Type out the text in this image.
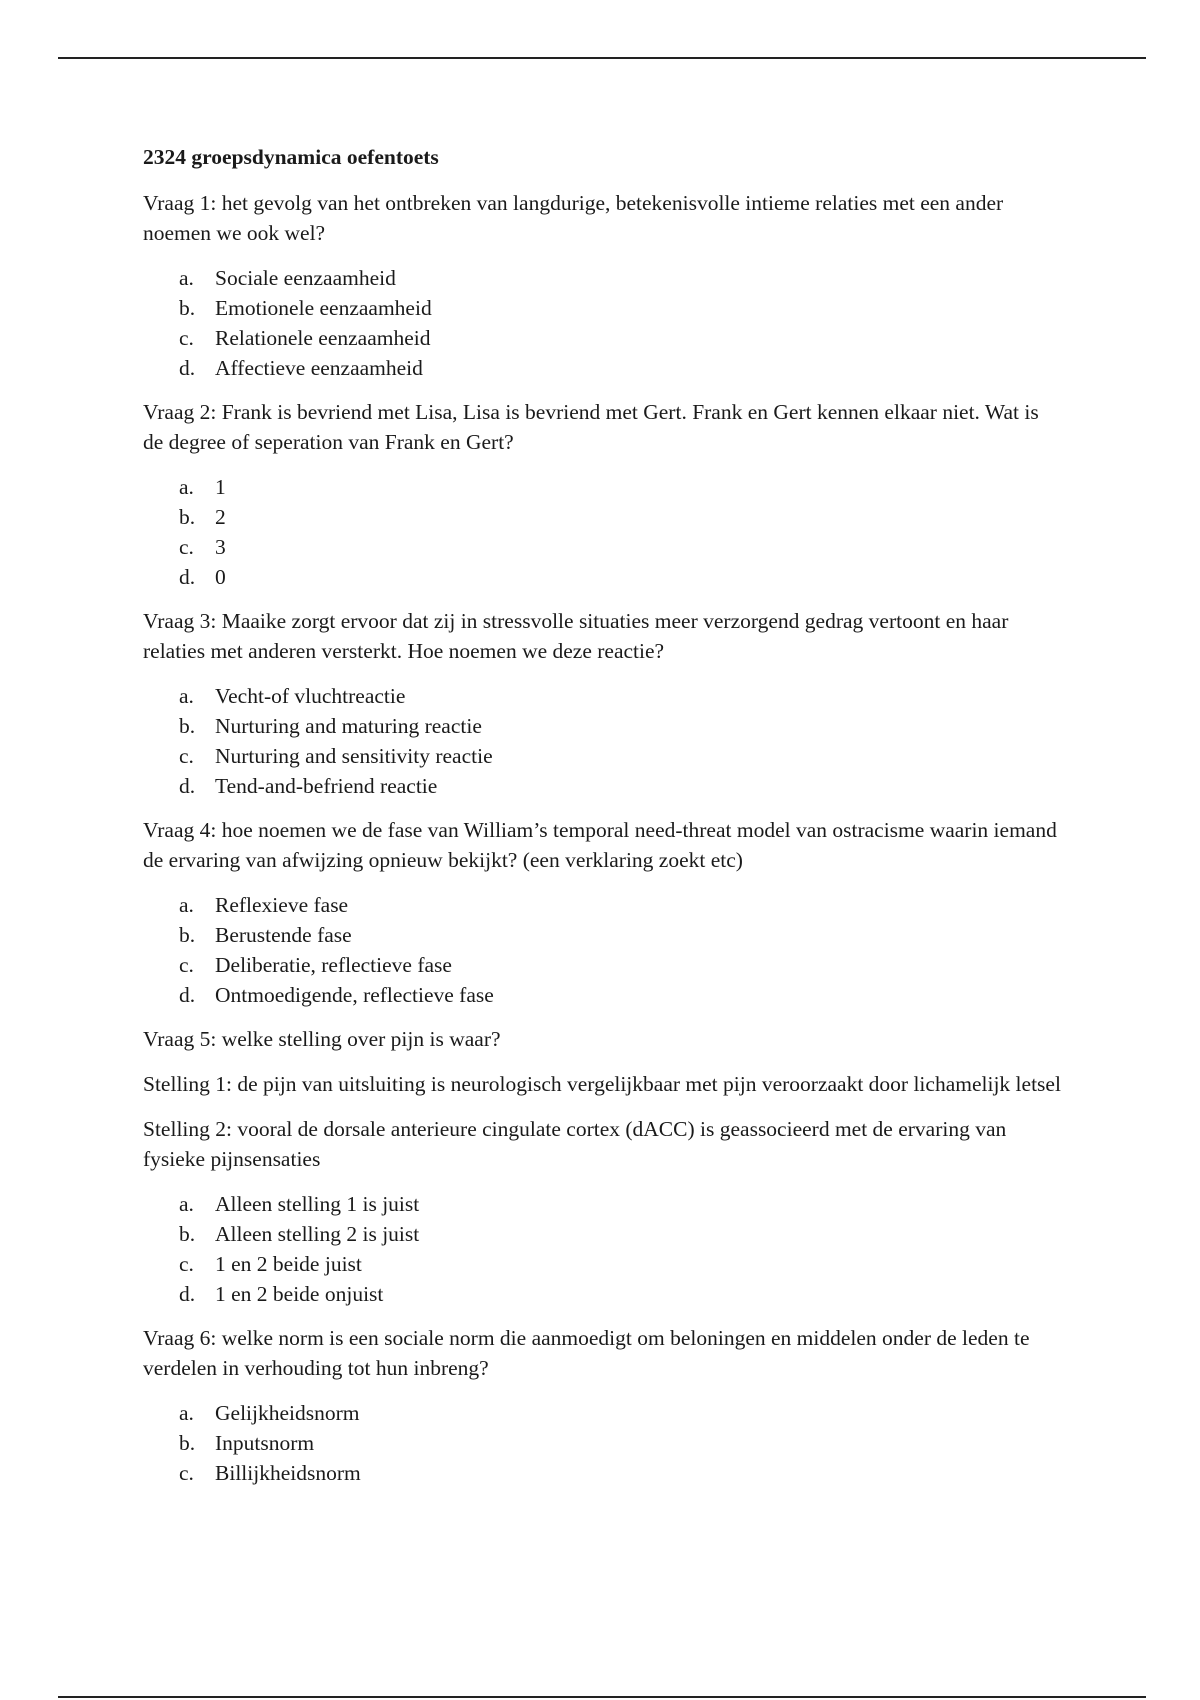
2324 groepsdynamica oefentoets
Vraag 1: het gevolg van het ontbreken van langdurige, betekenisvolle intieme relaties met een ander noemen we ook wel?
a. Sociale eenzaamheid
b. Emotionele eenzaamheid
c. Relationele eenzaamheid
d. Affectieve eenzaamheid
Vraag 2: Frank is bevriend met Lisa, Lisa is bevriend met Gert. Frank en Gert kennen elkaar niet. Wat is de degree of seperation van Frank en Gert?
a. 1
b. 2
c. 3
d. 0
Vraag 3: Maaike zorgt ervoor dat zij in stressvolle situaties meer verzorgend gedrag vertoont en haar relaties met anderen versterkt. Hoe noemen we deze reactie?
a. Vecht-of vluchtreactie
b. Nurturing and maturing reactie
c. Nurturing and sensitivity reactie
d. Tend-and-befriend reactie
Vraag 4: hoe noemen we de fase van William’s temporal need-threat model van ostracisme waarin iemand de ervaring van afwijzing opnieuw bekijkt? (een verklaring zoekt etc)
a. Reflexieve fase
b. Berustende fase
c. Deliberatie, reflectieve fase
d. Ontmoedigende, reflectieve fase
Vraag 5: welke stelling over pijn is waar?
Stelling 1: de pijn van uitsluiting is neurologisch vergelijkbaar met pijn veroorzaakt door lichamelijk letsel
Stelling 2: vooral de dorsale anterieure cingulate cortex (dACC) is geassocieerd met de ervaring van fysieke pijnsensaties
a. Alleen stelling 1 is juist
b. Alleen stelling 2 is juist
c. 1 en 2 beide juist
d. 1 en 2 beide onjuist
Vraag 6: welke norm is een sociale norm die aanmoedigt om beloningen en middelen onder de leden te verdelen in verhouding tot hun inbreng?
a. Gelijkheidsnorm
b. Inputsnorm
c. Billijkheidsnorm
